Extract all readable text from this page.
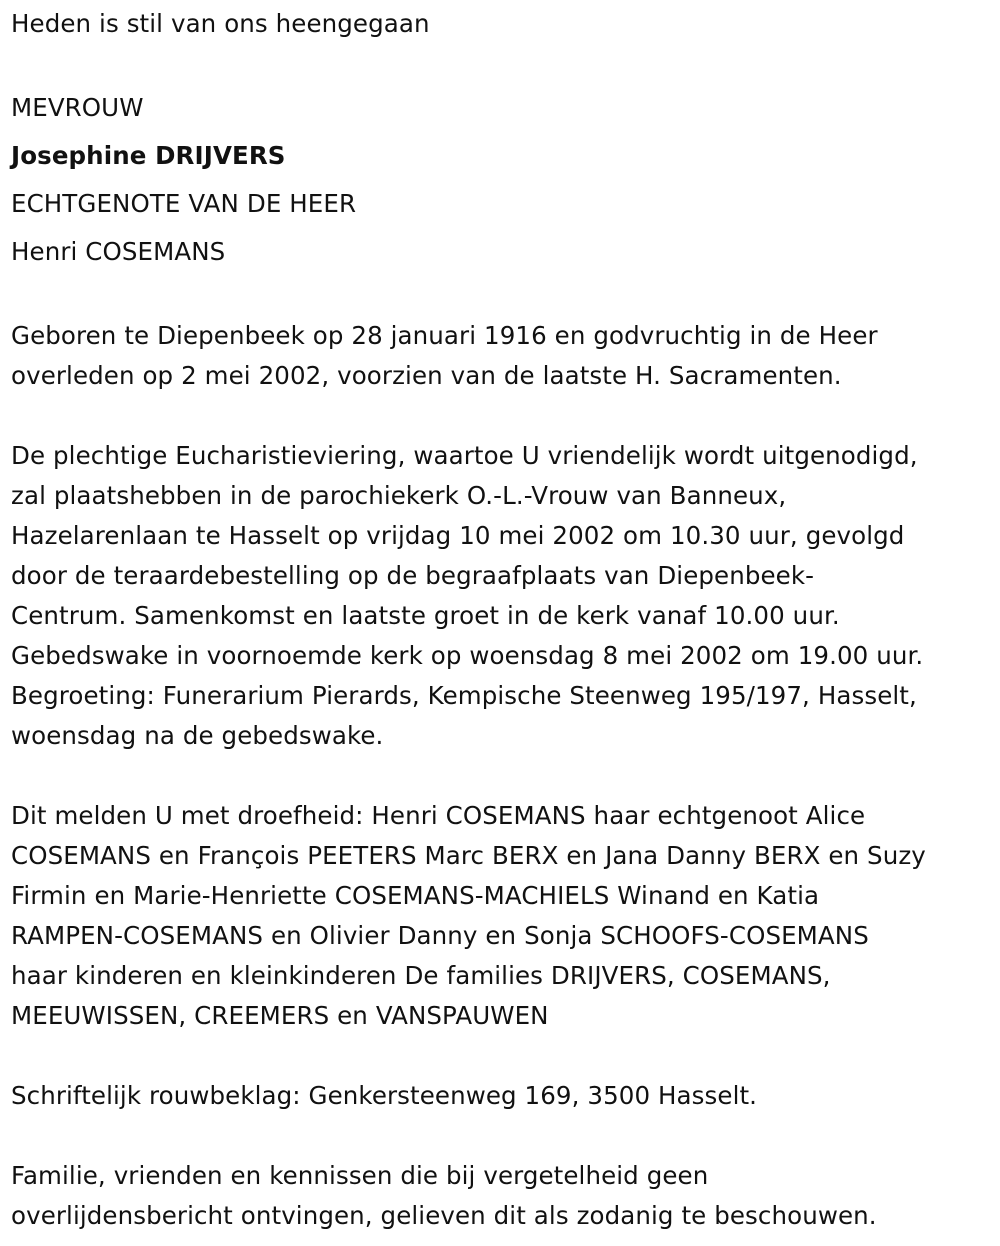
Heden is stil van ons heengegaan
MEVROUW
Josephine DRIJVERS
ECHTGENOTE VAN DE HEER
Henri COSEMANS
Geboren te Diepenbeek op 28 januari 1916 en godvruchtig in de Heer
overleden op 2 mei 2002, voorzien van de laatste H. Sacramenten.
De plechtige Eucharistieviering, waartoe U vriendelijk wordt uitgenodigd,
zal plaatshebben in de parochiekerk O.-L.-Vrouw van Banneux,
Hazelarenlaan te Hasselt op vrijdag 10 mei 2002 om 10.30 uur, gevolgd
door de teraardebestelling op de begraafplaats van Diepenbeek-
Centrum. Samenkomst en laatste groet in de kerk vanaf 10.00 uur.
Gebedswake in voornoemde kerk op woensdag 8 mei 2002 om 19.00 uur.
Begroeting: Funerarium Pierards, Kempische Steenweg 195/197, Hasselt,
woensdag na de gebedswake.
Dit melden U met droefheid: Henri COSEMANS haar echtgenoot Alice
COSEMANS en François PEETERS Marc BERX en Jana Danny BERX en Suzy
Firmin en Marie-Henriette COSEMANS-MACHIELS Winand en Katia
RAMPEN-COSEMANS en Olivier Danny en Sonja SCHOOFS-COSEMANS
haar kinderen en kleinkinderen De families DRIJVERS, COSEMANS,
MEEUWISSEN, CREEMERS en VANSPAUWEN
Schriftelijk rouwbeklag: Genkersteenweg 169, 3500 Hasselt.
Familie, vrienden en kennissen die bij vergetelheid geen
overlijdensbericht ontvingen, gelieven dit als zodanig te beschouwen.
